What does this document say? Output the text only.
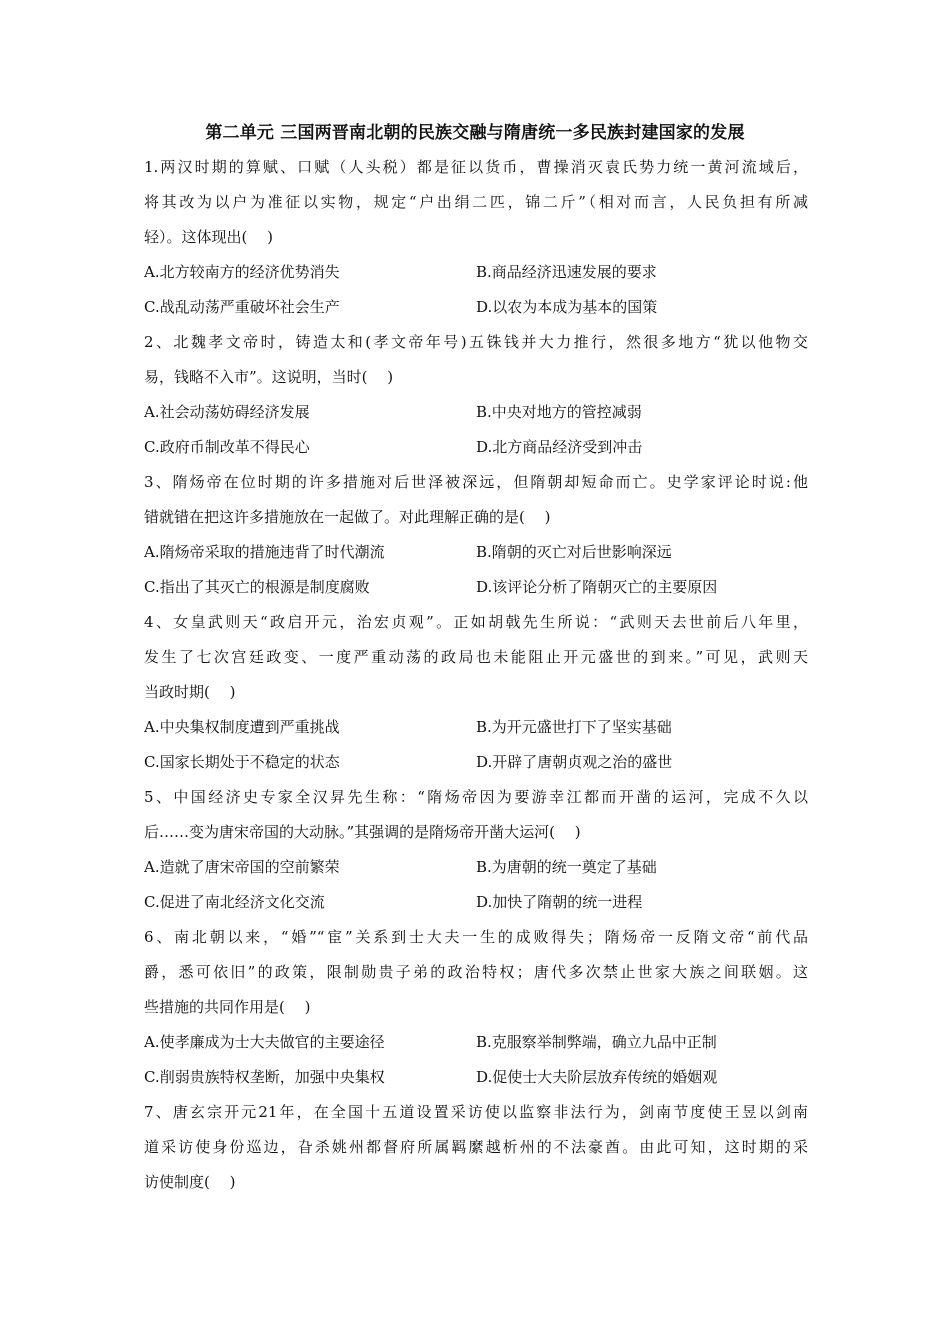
第二单元 三国两晋南北朝的民族交融与隋唐统一多民族封建国家的发展
1.两汉时期的算赋、口赋（人头税）都是征以货币，曹操消灭袁氏势力统一黄河流域后，
将其改为以户为准征以实物，规定“户出绢二匹，锦二斤”（相对而言，人民负担有所减
轻）。这体现出(　 )
A.北方较南方的经济优势消失	B.商品经济迅速发展的要求
C.战乱动荡严重破坏社会生产	D.以农为本成为基本的国策
2、北魏孝文帝时，铸造太和(孝文帝年号)五铢钱并大力推行，然很多地方“犹以他物交
易，钱略不入市”。这说明，当时(　 )
A.社会动荡妨碍经济发展	B.中央对地方的管控减弱
C.政府币制改革不得民心	D.北方商品经济受到冲击
3、隋炀帝在位时期的许多措施对后世泽被深远，但隋朝却短命而亡。史学家评论时说:他
错就错在把这许多措施放在一起做了。对此理解正确的是(　 )
A.隋炀帝采取的措施违背了时代潮流	B.隋朝的灭亡对后世影响深远
C.指出了其灭亡的根源是制度腐败	D.该评论分析了隋朝灭亡的主要原因
4、女皇武则天“政启开元，治宏贞观”。正如胡戟先生所说：“武则天去世前后八年里，
发生了七次宫廷政变、一度严重动荡的政局也未能阻止开元盛世的到来。”可见，武则天
当政时期(　 )
A.中央集权制度遭到严重挑战	B.为开元盛世打下了坚实基础
C.国家长期处于不稳定的状态	D.开辟了唐朝贞观之治的盛世
5、中国经济史专家全汉昇先生称：“隋炀帝因为要游幸江都而开凿的运河，完成不久以
后……变为唐宋帝国的大动脉。”其强调的是隋炀帝开凿大运河(　 )
A.造就了唐宋帝国的空前繁荣	B.为唐朝的统一奠定了基础
C.促进了南北经济文化交流	D.加快了隋朝的统一进程
6、南北朝以来，“婚”“宦”关系到士大夫一生的成败得失；隋炀帝一反隋文帝“前代品
爵，悉可依旧”的政策，限制勋贵子弟的政治特权；唐代多次禁止世家大族之间联姻。这
些措施的共同作用是(　 )
A.使孝廉成为士大夫做官的主要途径	B.克服察举制弊端，确立九品中正制
C.削弱贵族特权垄断，加强中央集权	D.促使士大夫阶层放弃传统的婚姻观
7、唐玄宗开元21年，在全国十五道设置采访使以监察非法行为，剑南节度使王昱以剑南
道采访使身份巡边，旮杀姚州都督府所属羁縻越析州的不法豪酋。由此可知，这时期的采
访使制度(　 )
